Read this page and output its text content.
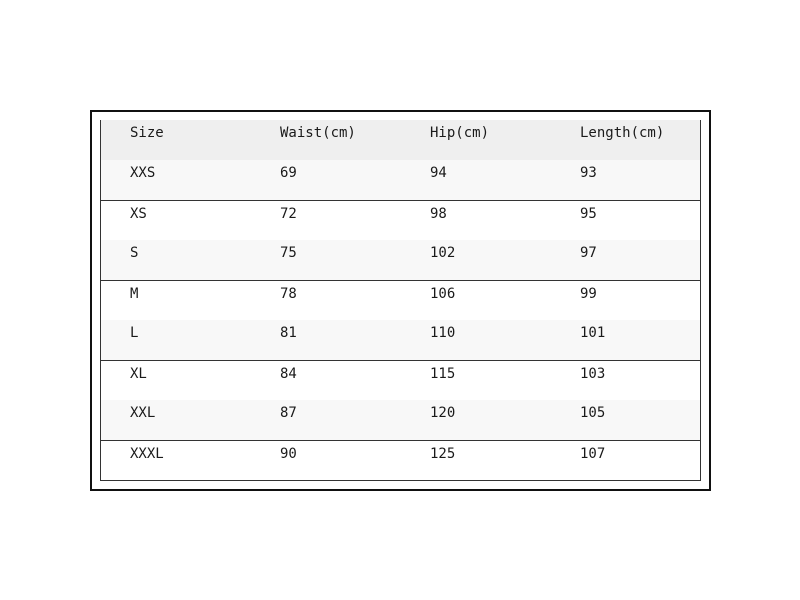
Size	Waist(cm)	Hip(cm)	Length(cm)
XXS	69	94	93
XS	72	98	95
S	75	102	97
M	78	106	99
L	81	110	101
XL	84	115	103
XXL	87	120	105
XXXL	90	125	107
